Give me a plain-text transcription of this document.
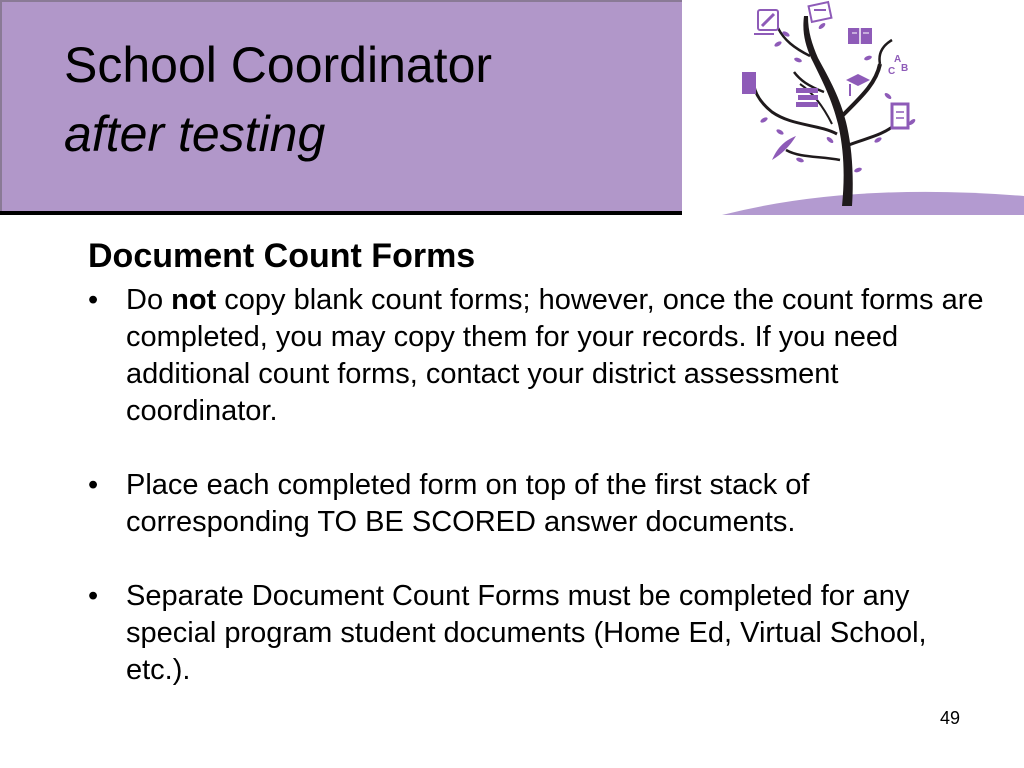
School Coordinator
after testing
A
C B
Document Count Forms
• Do not copy blank count forms; however, once the count forms are completed, you may copy them for your records. If you need additional count forms, contact your district assessment coordinator.
• Place each completed form on top of the first stack of corresponding TO BE SCORED answer documents.
• Separate Document Count Forms must be completed for any special program student documents (Home Ed, Virtual School, etc.).
49
